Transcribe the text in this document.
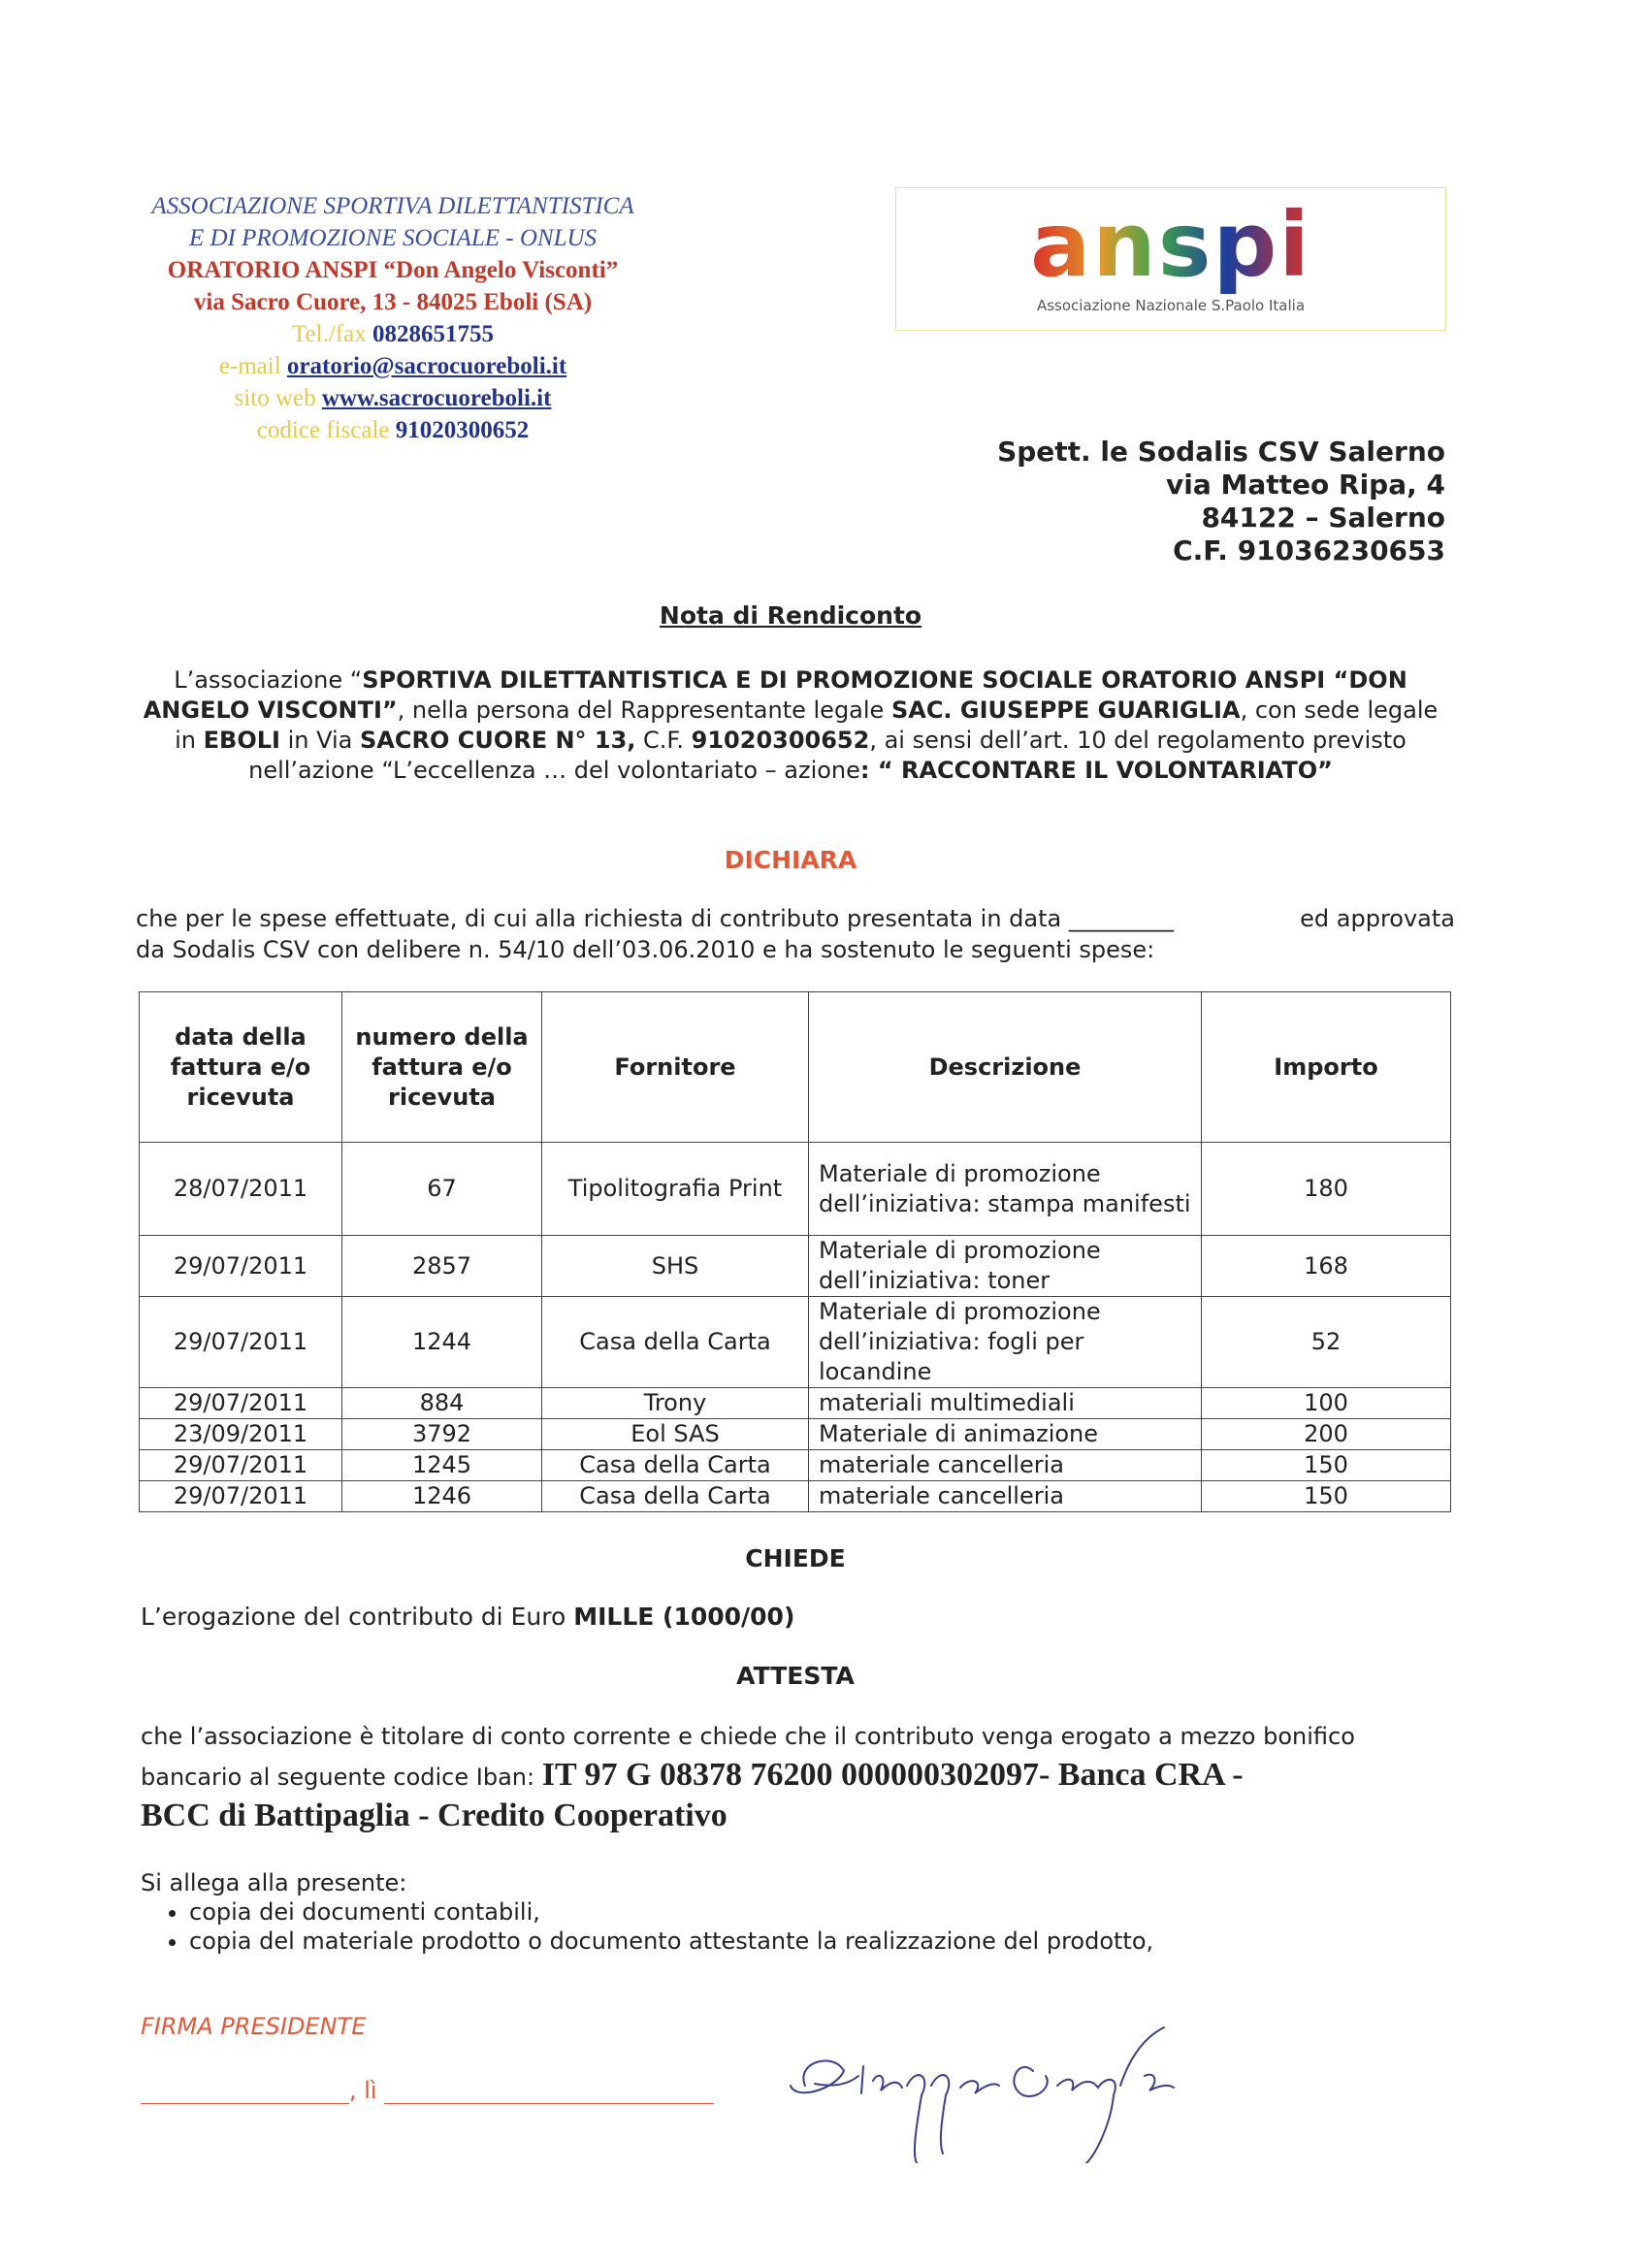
ASSOCIAZIONE SPORTIVA DILETTANTISTICA
E DI PROMOZIONE SOCIALE - ONLUS
ORATORIO ANSPI “Don Angelo Visconti”
via Sacro Cuore, 13 - 84025 Eboli (SA)
Tel./fax 0828651755
e-mail oratorio@sacrocuoreboli.it
sito web www.sacrocuoreboli.it
codice fiscale 91020300652
anspi
Associazione Nazionale S.Paolo Italia
Spett. le Sodalis CSV Salerno
via Matteo Ripa, 4
84122 – Salerno
C.F. 91036230653
Nota di Rendiconto
L’associazione “SPORTIVA DILETTANTISTICA E DI PROMOZIONE SOCIALE ORATORIO ANSPI “DON ANGELO VISCONTI”, nella persona del Rappresentante legale SAC. GIUSEPPE GUARIGLIA, con sede legale in EBOLI in Via SACRO CUORE N° 13, C.F. 91020300652, ai sensi dell’art. 10 del regolamento previsto nell’azione “L’eccellenza … del volontariato – azione: “ RACCONTARE IL VOLONTARIATO”
DICHIARA
che per le spese effettuate, di cui alla richiesta di contributo presentata in data _________	ed approvata
da Sodalis CSV con delibere n. 54/10 dell’03.06.2010 e ha sostenuto le seguenti spese:
data della fattura e/o ricevuta	numero della fattura e/o ricevuta	Fornitore	Descrizione	Importo
28/07/2011	67	Tipolitografia Print	Materiale di promozione dell’iniziativa: stampa manifesti	180
29/07/2011	2857	SHS	Materiale di promozione dell’iniziativa: toner	168
29/07/2011	1244	Casa della Carta	Materiale di promozione dell’iniziativa: fogli per locandine	52
29/07/2011	884	Trony	materiali multimediali	100
23/09/2011	3792	Eol SAS	Materiale di animazione	200
29/07/2011	1245	Casa della Carta	materiale cancelleria	150
29/07/2011	1246	Casa della Carta	materiale cancelleria	150
CHIEDE
L’erogazione del contributo di Euro MILLE (1000/00)
ATTESTA
che l’associazione è titolare di conto corrente e chiede che il contributo venga erogato a mezzo bonifico
bancario al seguente codice Iban: IT 97 G 08378 76200 000000302097- Banca CRA -
BCC di Battipaglia - Credito Cooperativo
Si allega alla presente:
• copia dei documenti contabili,
• copia del materiale prodotto o documento attestante la realizzazione del prodotto,
FIRMA PRESIDENTE
, lì
